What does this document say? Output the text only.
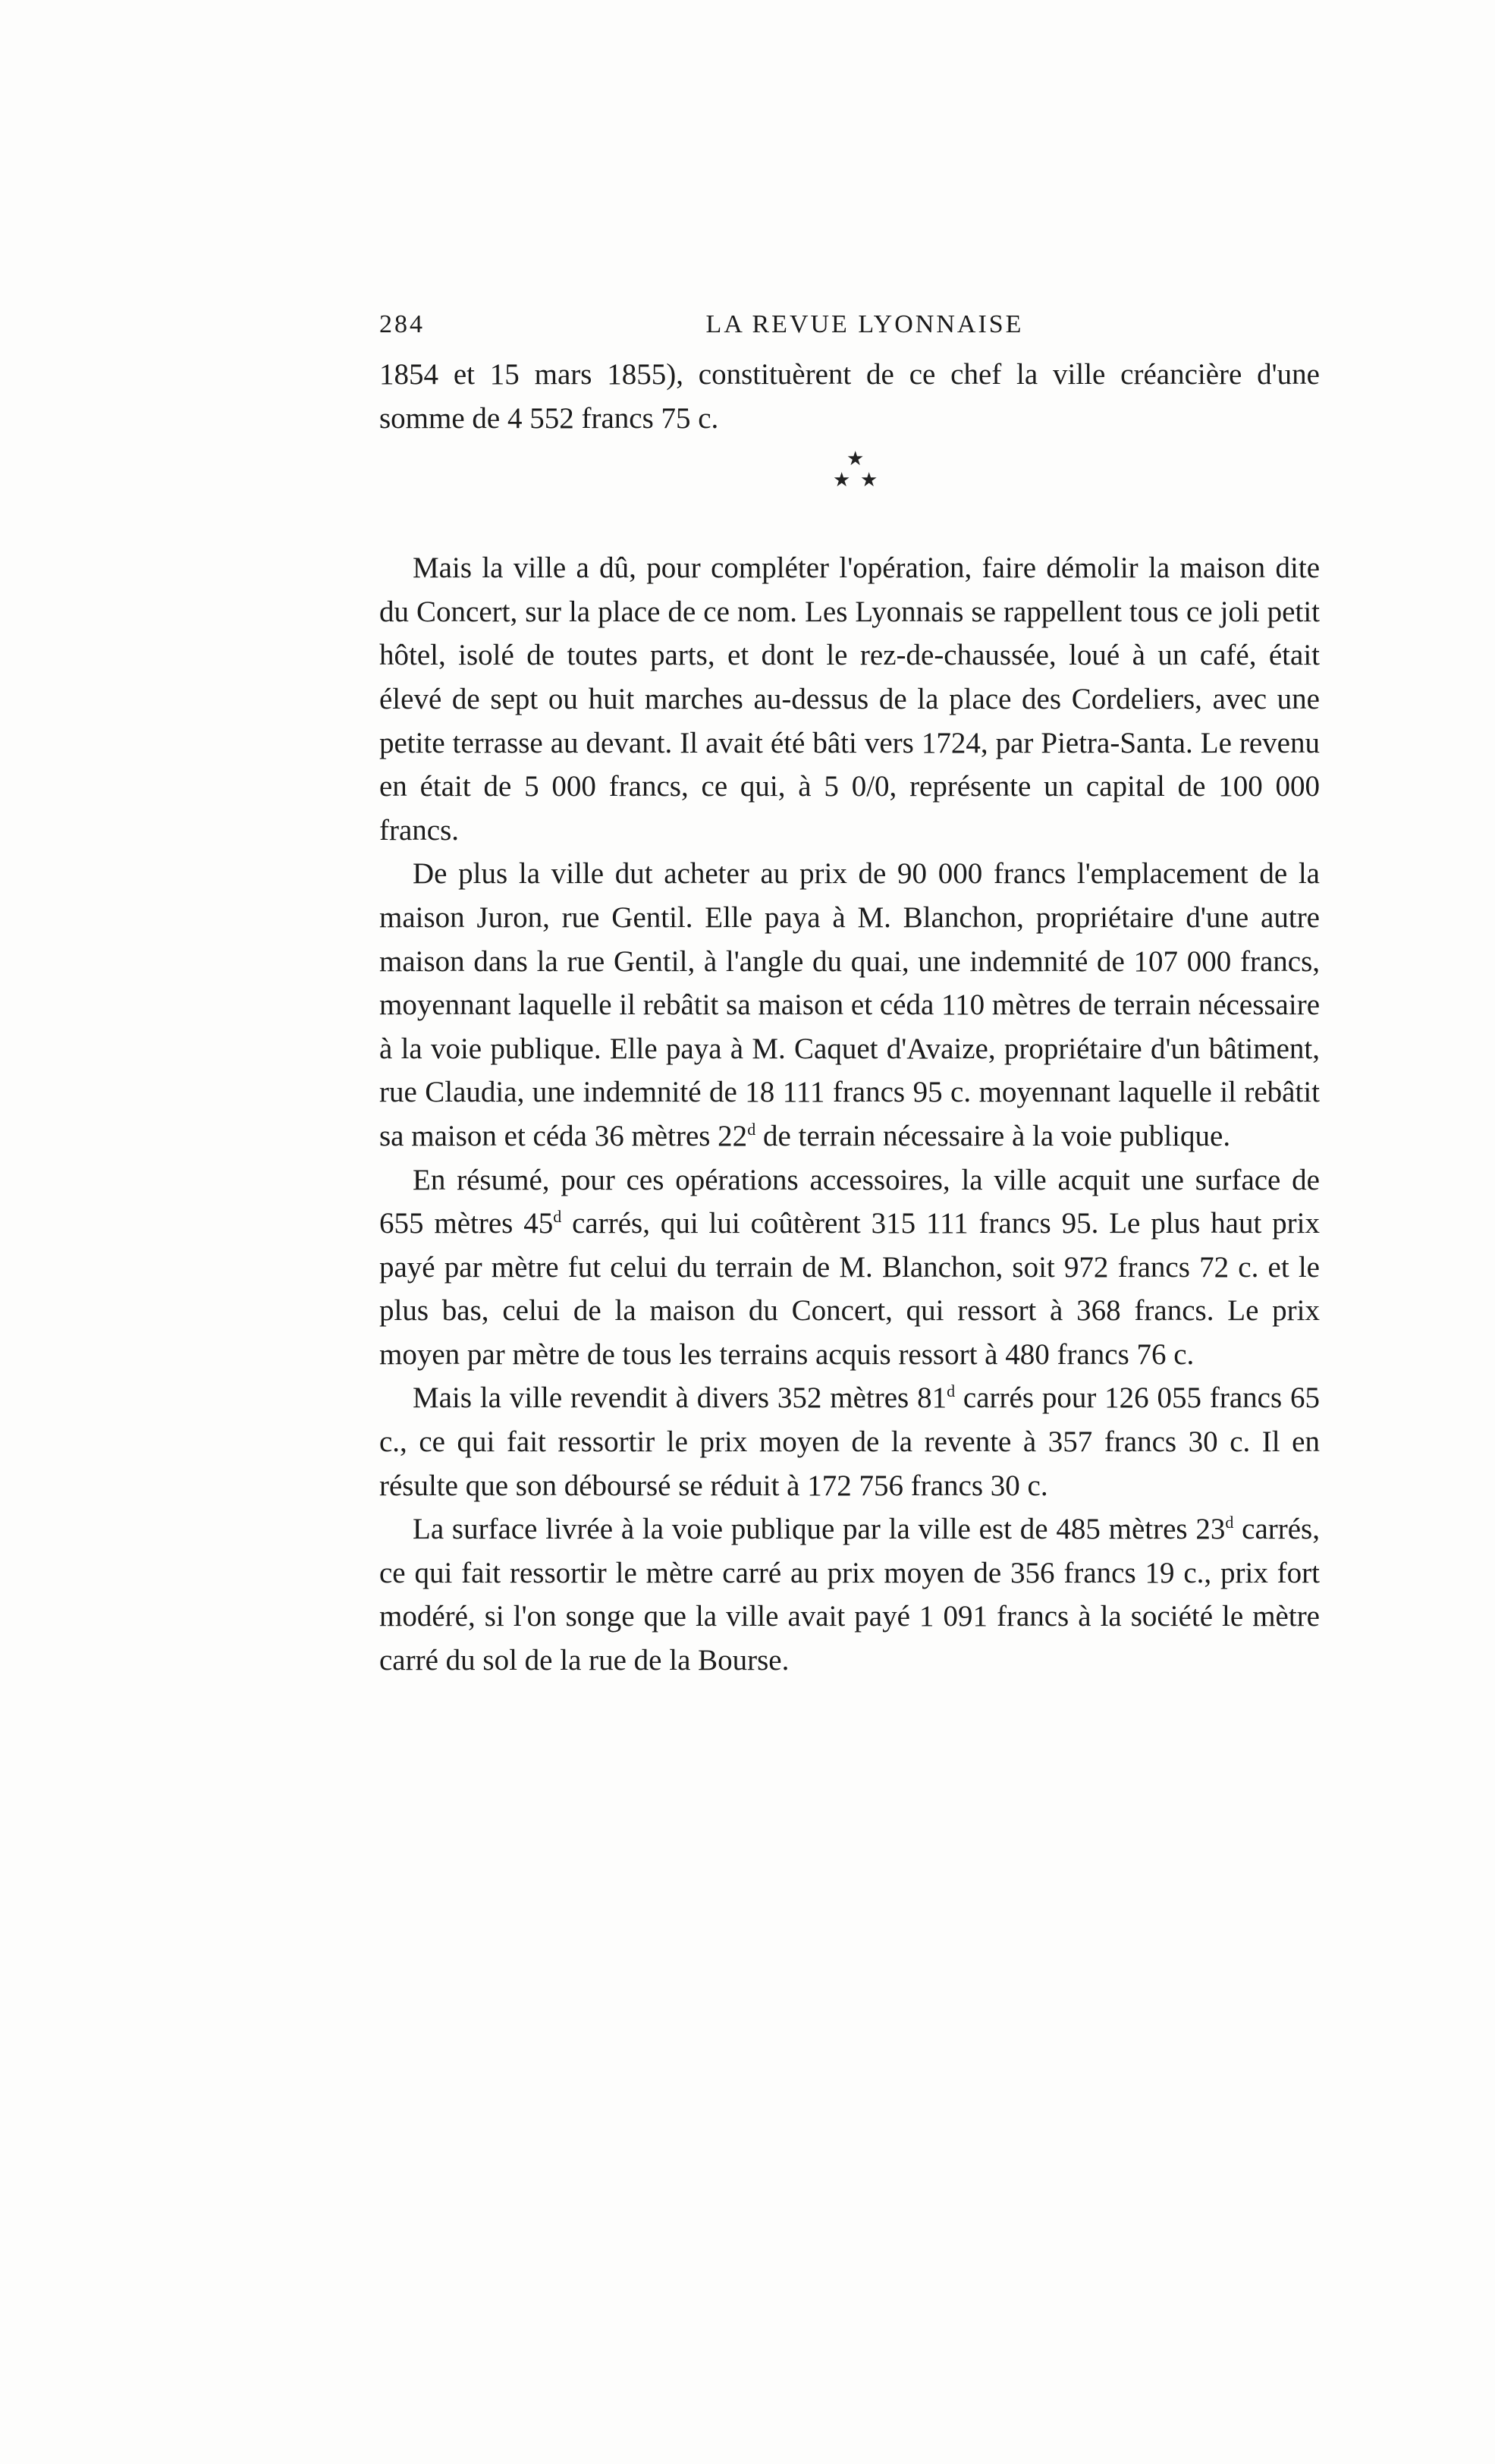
284	LA REVUE LYONNAISE

1854 et 15 mars 1855), constituèrent de ce chef la ville créancière d'une somme de 4 552 francs 75 c.

★
★ ★

Mais la ville a dû, pour compléter l'opération, faire démolir la maison dite du Concert, sur la place de ce nom. Les Lyonnais se rappellent tous ce joli petit hôtel, isolé de toutes parts, et dont le rez-de-chaussée, loué à un café, était élevé de sept ou huit marches au-dessus de la place des Cordeliers, avec une petite terrasse au devant. Il avait été bâti vers 1724, par Pietra-Santa. Le revenu en était de 5 000 francs, ce qui, à 5 0/0, représente un capital de 100 000 francs.

De plus la ville dut acheter au prix de 90 000 francs l'emplacement de la maison Juron, rue Gentil. Elle paya à M. Blanchon, propriétaire d'une autre maison dans la rue Gentil, à l'angle du quai, une indemnité de 107 000 francs, moyennant laquelle il rebâtit sa maison et céda 110 mètres de terrain nécessaire à la voie publique. Elle paya à M. Caquet d'Avaize, propriétaire d'un bâtiment, rue Claudia, une indemnité de 18 111 francs 95 c. moyennant laquelle il rebâtit sa maison et céda 36 mètres 22$^d$ de terrain nécessaire à la voie publique.

En résumé, pour ces opérations accessoires, la ville acquit une surface de 655 mètres 45$^d$ carrés, qui lui coûtèrent 315 111 francs 95. Le plus haut prix payé par mètre fut celui du terrain de M. Blanchon, soit 972 francs 72 c. et le plus bas, celui de la maison du Concert, qui ressort à 368 francs. Le prix moyen par mètre de tous les terrains acquis ressort à 480 francs 76 c.

Mais la ville revendit à divers 352 mètres 81$^d$ carrés pour 126 055 francs 65 c., ce qui fait ressortir le prix moyen de la revente à 357 francs 30 c. Il en résulte que son déboursé se réduit à 172 756 francs 30 c.

La surface livrée à la voie publique par la ville est de 485 mètres 23$^d$ carrés, ce qui fait ressortir le mètre carré au prix moyen de 356 francs 19 c., prix fort modéré, si l'on songe que la ville avait payé 1 091 francs à la société le mètre carré du sol de la rue de la Bourse.
